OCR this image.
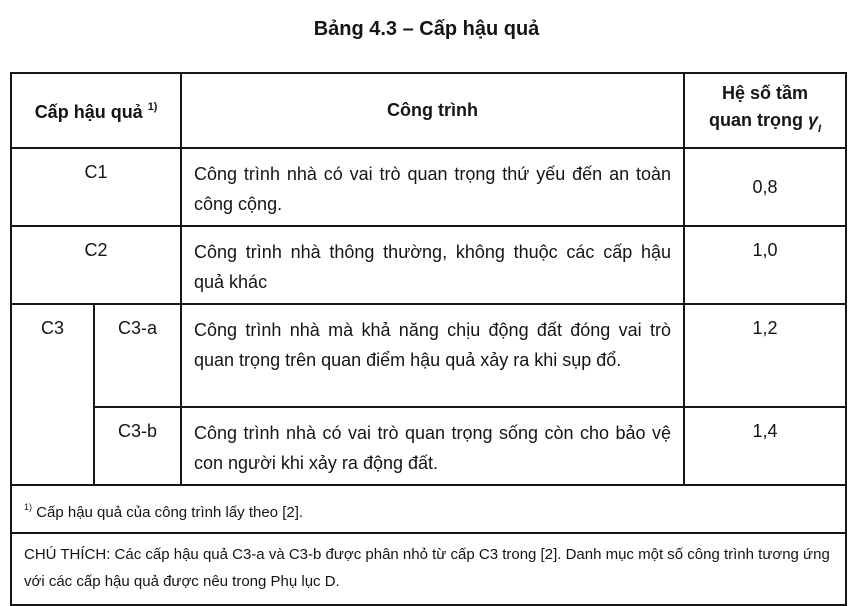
Bảng 4.3 – Cấp hậu quả
Cấp hậu quả $^{1)}$		Công trình	Hệ số tầm
quan trọng $\gamma_I$

C1		Công trình nhà có vai trò quan trọng thứ yếu đến an toàn công cộng.	0,8
C2		Công trình nhà thông thường, không thuộc các cấp hậu quả khác	1,0
C3	C3-a	Công trình nhà mà khả năng chịu động đất đóng vai trò quan trọng trên quan điểm hậu quả xảy ra khi sụp đổ.	1,2
	C3-b	Công trình nhà có vai trò quan trọng sống còn cho bảo vệ con người khi xảy ra động đất.	1,4
$^{1)}$ Cấp hậu quả của công trình lấy theo [2].			
CHÚ THÍCH: Các cấp hậu quả C3-a và C3-b được phân nhỏ từ cấp C3 trong [2]. Danh mục một số công trình tương ứng với các cấp hậu quả được nêu trong Phụ lục D.			
